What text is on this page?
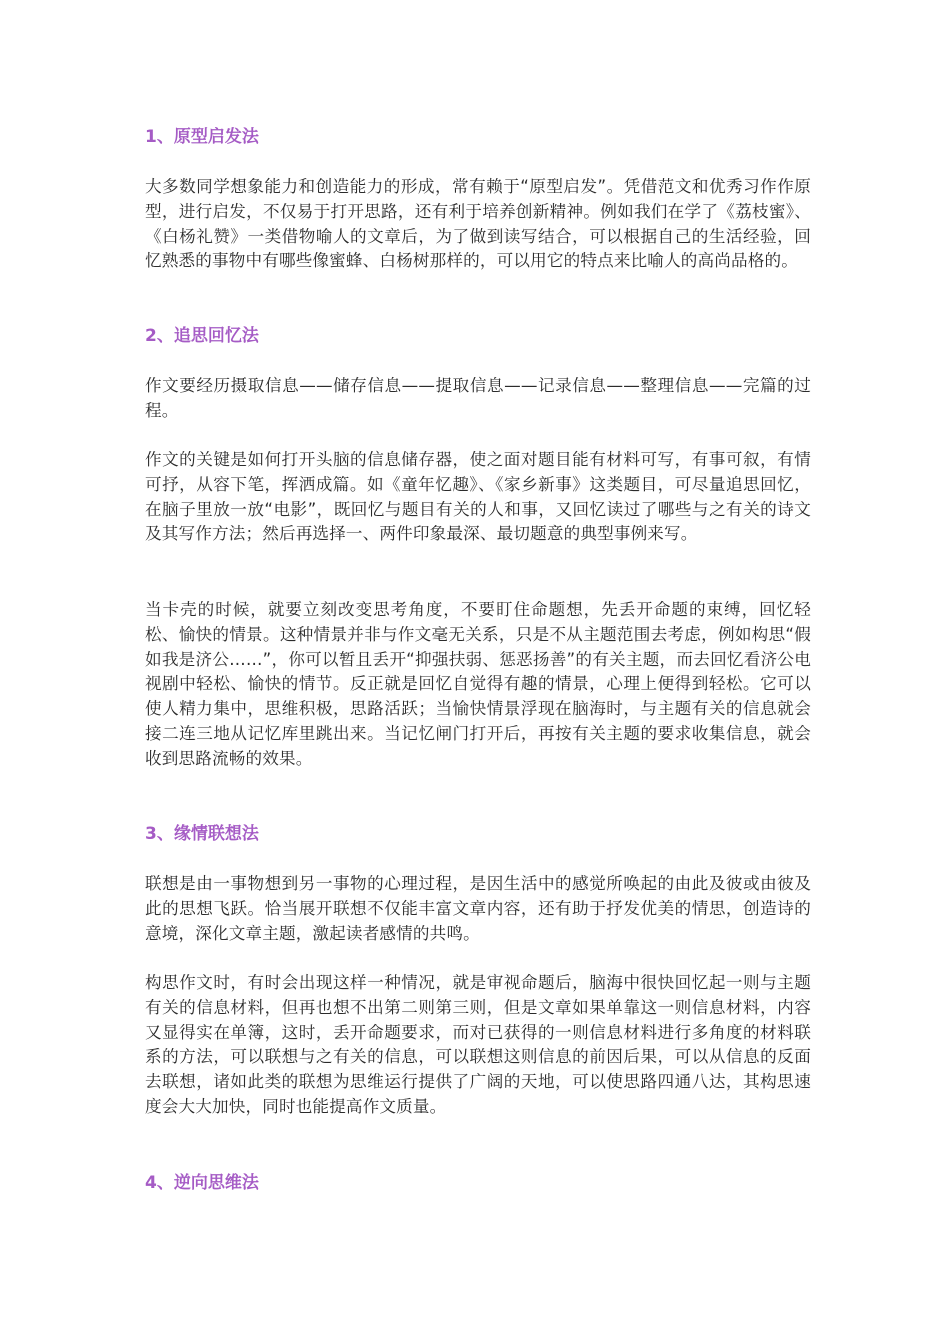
1、原型启发法

大多数同学想象能力和创造能力的形成，常有赖于“原型启发”。凭借范文和优秀习作作原型，进行启发，不仅易于打开思路，还有利于培养创新精神。例如我们在学了《荔枝蜜》、《白杨礼赞》一类借物喻人的文章后，为了做到读写结合，可以根据自己的生活经验，回忆熟悉的事物中有哪些像蜜蜂、白杨树那样的，可以用它的特点来比喻人的高尚品格的。

2、追思回忆法

作文要经历摄取信息——储存信息——提取信息——记录信息——整理信息——完篇的过程。

作文的关键是如何打开头脑的信息储存器，使之面对题目能有材料可写，有事可叙，有情可抒，从容下笔，挥洒成篇。如《童年忆趣》、《家乡新事》这类题目，可尽量追思回忆，在脑子里放一放“电影”，既回忆与题目有关的人和事，又回忆读过了哪些与之有关的诗文及其写作方法；然后再选择一、两件印象最深、最切题意的典型事例来写。

当卡壳的时候，就要立刻改变思考角度，不要盯住命题想，先丢开命题的束缚，回忆轻松、愉快的情景。这种情景并非与作文毫无关系，只是不从主题范围去考虑，例如构思“假如我是济公……”，你可以暂且丢开“抑强扶弱、惩恶扬善”的有关主题，而去回忆看济公电视剧中轻松、愉快的情节。反正就是回忆自觉得有趣的情景，心理上便得到轻松。它可以使人精力集中，思维积极，思路活跃；当愉快情景浮现在脑海时，与主题有关的信息就会接二连三地从记忆库里跳出来。当记忆闸门打开后，再按有关主题的要求收集信息，就会收到思路流畅的效果。

3、缘情联想法

联想是由一事物想到另一事物的心理过程，是因生活中的感觉所唤起的由此及彼或由彼及此的思想飞跃。恰当展开联想不仅能丰富文章内容，还有助于抒发优美的情思，创造诗的意境，深化文章主题，激起读者感情的共鸣。

构思作文时，有时会出现这样一种情况，就是审视命题后，脑海中很快回忆起一则与主题有关的信息材料，但再也想不出第二则第三则，但是文章如果单靠这一则信息材料，内容又显得实在单簿，这时，丢开命题要求，而对已获得的一则信息材料进行多角度的材料联系的方法，可以联想与之有关的信息，可以联想这则信息的前因后果，可以从信息的反面去联想，诸如此类的联想为思维运行提供了广阔的天地，可以使思路四通八达，其构思速度会大大加快，同时也能提高作文质量。

4、逆向思维法
